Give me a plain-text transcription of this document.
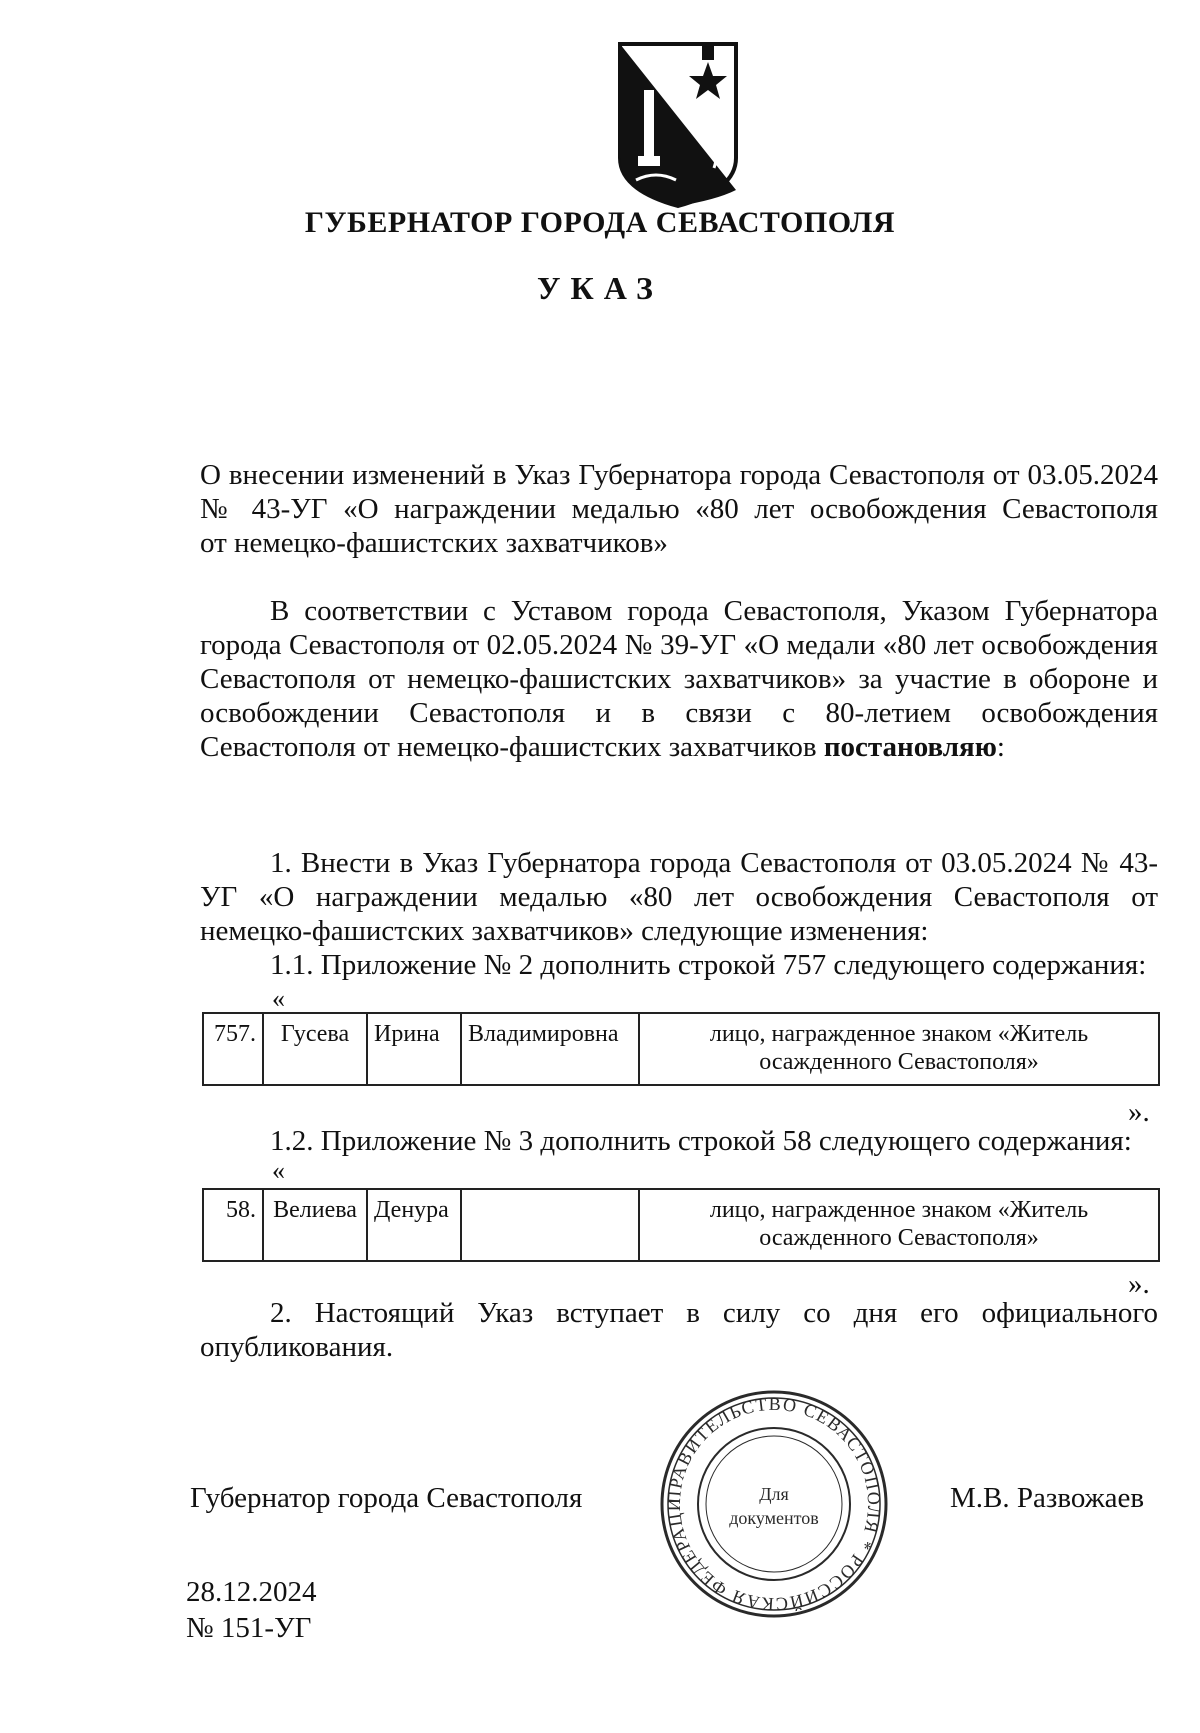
ГУБЕРНАТОР ГОРОДА СЕВАСТОПОЛЯ
УКАЗ
О внесении изменений в Указ Губернатора города Севастополя от 03.05.2024
№ 43-УГ «О награждении медалью «80 лет освобождения Севастополя
от немецко-фашистских захватчиков»
В соответствии с Уставом города Севастополя, Указом Губернатора города Севастополя от 02.05.2024 № 39-УГ «О медали «80 лет освобождения Севастополя от немецко-фашистских захватчиков» за участие в обороне и освобождении Севастополя и в связи с 80-летием освобождения Севастополя от немецко-фашистских захватчиков постановляю:
1. Внести в Указ Губернатора города Севастополя от 03.05.2024 № 43-УГ «О награждении медалью «80 лет освобождения Севастополя от немецко-фашистских захватчиков» следующие изменения:
1.1. Приложение № 2 дополнить строкой 757 следующего содержания:
«
757.	Гусева	Ирина	Владимировна	лицо, награжденное знаком «Житель осажденного Севастополя»
».
1.2. Приложение № 3 дополнить строкой 58 следующего содержания:
«
58.	Велиева	Денура		лицо, награжденное знаком «Житель осажденного Севастополя»
».
2. Настоящий Указ вступает в силу со дня его официального опубликования.
Губернатор города Севастополя	ПРАВИТЕЛЬСТВО СЕВАСТОПОЛЯ * РОССИЙСКАЯ ФЕДЕРАЦИ
Для
документов
М.В. Развожаев
28.12.2024
№ 151-УГ
